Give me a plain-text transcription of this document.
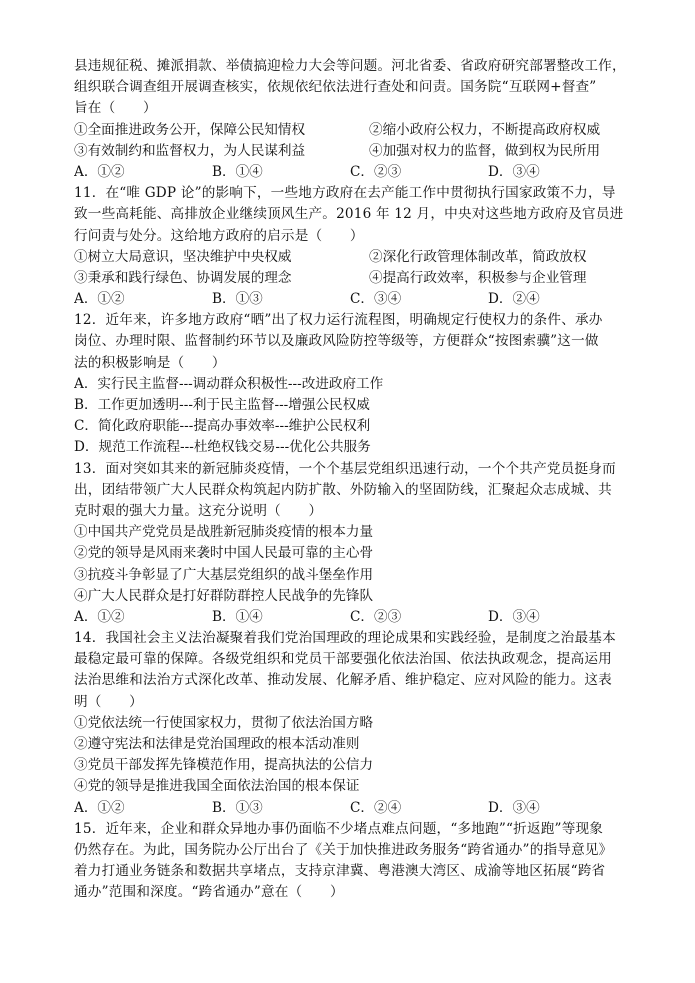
县违规征税、摊派捐款、举债搞迎检力大会等问题。河北省委、省政府研究部署整改工作，
组织联合调查组开展调查核实，依规依纪依法进行查处和问责。国务院“互联网+督查”
旨在（　　）
①全面推进政务公开，保障公民知情权	②缩小政府公权力，不断提高政府权威
③有效制约和监督权力，为人民谋利益	④加强对权力的监督，做到权为民所用
A．①②	B．①④	C．②③	D．③④
11．在“唯 GDP 论”的影响下，一些地方政府在去产能工作中贯彻执行国家政策不力，导
致一些高耗能、高排放企业继续顶风生产。2016 年 12 月，中央对这些地方政府及官员进
行问责与处分。这给地方政府的启示是（　　）
①树立大局意识，坚决维护中央权威	②深化行政管理体制改革，简政放权
③秉承和践行绿色、协调发展的理念	④提高行政效率，积极参与企业管理
A．①②	B．①③	C．③④	D．②④
12．近年来，许多地方政府“晒”出了权力运行流程图，明确规定行使权力的条件、承办
岗位、办理时限、监督制约环节以及廉政风险防控等级等，方便群众“按图索骥”这一做
法的积极影响是（　　）
A．实行民主监督---调动群众积极性---改进政府工作
B．工作更加透明---利于民主监督---增强公民权威
C．简化政府职能---提高办事效率---维护公民权利
D．规范工作流程---杜绝权钱交易---优化公共服务
13．面对突如其来的新冠肺炎疫情，一个个基层党组织迅速行动，一个个共产党员挺身而
出，团结带领广大人民群众构筑起内防扩散、外防输入的坚固防线，汇聚起众志成城、共
克时艰的强大力量。这充分说明（　　）
①中国共产党党员是战胜新冠肺炎疫情的根本力量
②党的领导是风雨来袭时中国人民最可靠的主心骨
③抗疫斗争彰显了广大基层党组织的战斗堡垒作用
④广大人民群众是打好群防群控人民战争的先锋队
A．①②	B．①④	C．②③	D．③④
14．我国社会主义法治凝聚着我们党治国理政的理论成果和实践经验，是制度之治最基本
最稳定最可靠的保障。各级党组织和党员干部要强化依法治国、依法执政观念，提高运用
法治思维和法治方式深化改革、推动发展、化解矛盾、维护稳定、应对风险的能力。这表
明（　　）
①党依法统一行使国家权力，贯彻了依法治国方略
②遵守宪法和法律是党治国理政的根本活动准则
③党员干部发挥先锋模范作用，提高执法的公信力
④党的领导是推进我国全面依法治国的根本保证
A．①②	B．①③	C．②④	D．③④
15．近年来，企业和群众异地办事仍面临不少堵点难点问题，“多地跑”“折返跑”等现象
仍然存在。为此，国务院办公厅出台了《关于加快推进政务服务“跨省通办”的指导意见》
着力打通业务链条和数据共享堵点，支持京津冀、粤港澳大湾区、成渝等地区拓展“跨省
通办”范围和深度。“跨省通办”意在（　　）
